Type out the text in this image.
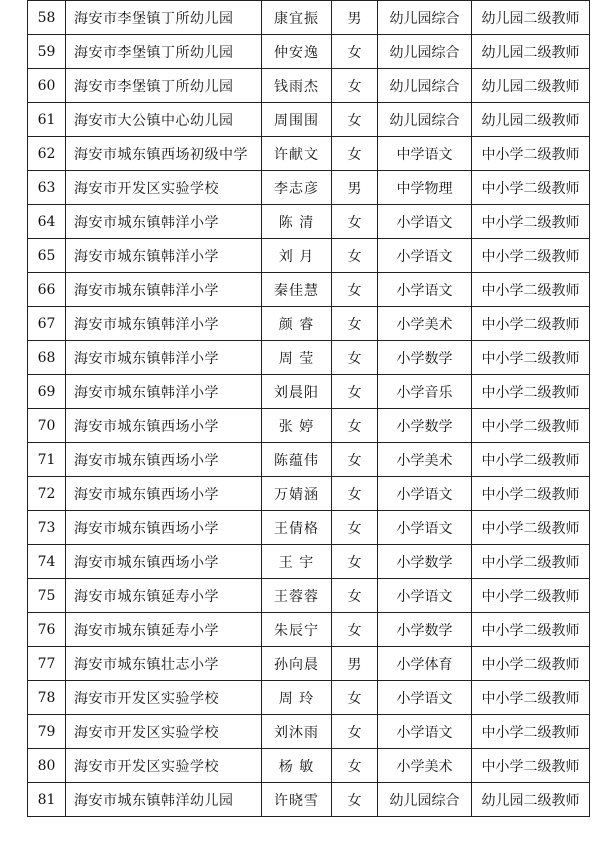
58	海安市李堡镇丁所幼儿园	康宜振	男	幼儿园综合	幼儿园二级教师
59	海安市李堡镇丁所幼儿园	仲安逸	女	幼儿园综合	幼儿园二级教师
60	海安市李堡镇丁所幼儿园	钱雨杰	女	幼儿园综合	幼儿园二级教师
61	海安市大公镇中心幼儿园	周围围	女	幼儿园综合	幼儿园二级教师
62	海安市城东镇西场初级中学	许献文	女	中学语文	中小学二级教师
63	海安市开发区实验学校	李志彦	男	中学物理	中小学二级教师
64	海安市城东镇韩洋小学	陈 清	女	小学语文	中小学二级教师
65	海安市城东镇韩洋小学	刘 月	女	小学语文	中小学二级教师
66	海安市城东镇韩洋小学	秦佳慧	女	小学语文	中小学二级教师
67	海安市城东镇韩洋小学	颜 睿	女	小学美术	中小学二级教师
68	海安市城东镇韩洋小学	周 莹	女	小学数学	中小学二级教师
69	海安市城东镇韩洋小学	刘晨阳	女	小学音乐	中小学二级教师
70	海安市城东镇西场小学	张 婷	女	小学数学	中小学二级教师
71	海安市城东镇西场小学	陈蕴伟	女	小学美术	中小学二级教师
72	海安市城东镇西场小学	万婧涵	女	小学语文	中小学二级教师
73	海安市城东镇西场小学	王倩格	女	小学语文	中小学二级教师
74	海安市城东镇西场小学	王 宇	女	小学数学	中小学二级教师
75	海安市城东镇延寿小学	王蓉蓉	女	小学语文	中小学二级教师
76	海安市城东镇延寿小学	朱辰宁	女	小学数学	中小学二级教师
77	海安市城东镇壮志小学	孙向晨	男	小学体育	中小学二级教师
78	海安市开发区实验学校	周 玲	女	小学语文	中小学二级教师
79	海安市开发区实验学校	刘沐雨	女	小学语文	中小学二级教师
80	海安市开发区实验学校	杨 敏	女	小学美术	中小学二级教师
81	海安市城东镇韩洋幼儿园	许晓雪	女	幼儿园综合	幼儿园二级教师
